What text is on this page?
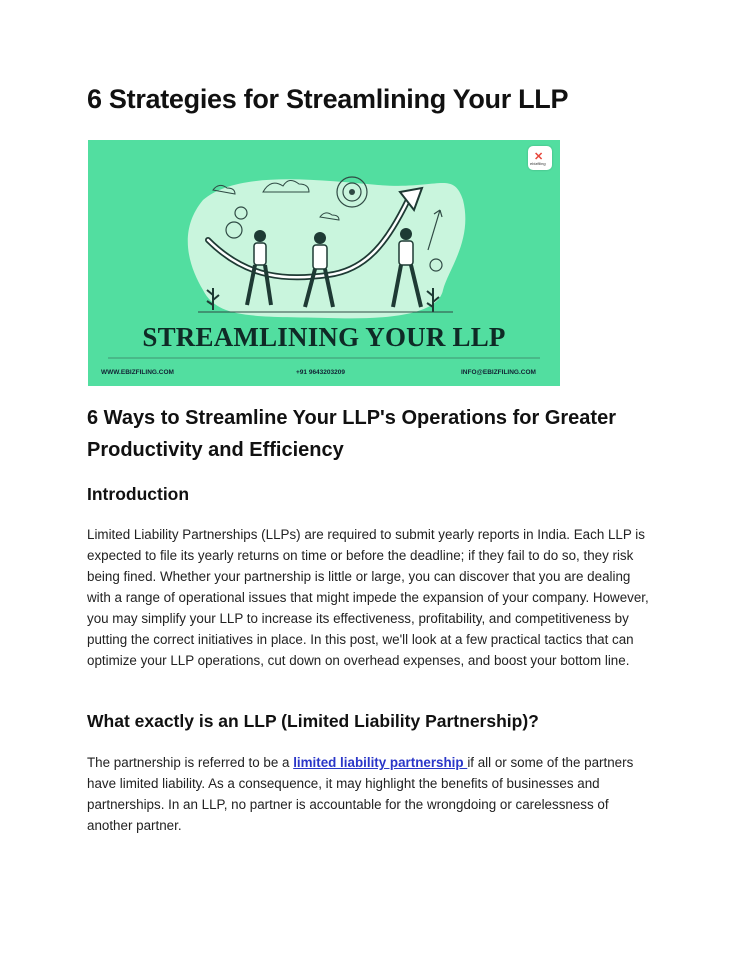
6 Strategies for Streamlining Your LLP
✕
ebizfiling
STREAMLINING YOUR LLP
WWW.EBIZFILING.COM	+91 9643203209	INFO@EBIZFILING.COM
6 Ways to Streamline Your LLP's Operations for Greater
Productivity and Efficiency
Introduction

Limited Liability Partnerships (LLPs) are required to submit yearly reports in India. Each LLP is expected to file its yearly returns on time or before the deadline; if they fail to do so, they risk being fined. Whether your partnership is little or large, you can discover that you are dealing with a range of operational issues that might impede the expansion of your company. However, you may simplify your LLP to increase its effectiveness, profitability, and competitiveness by putting the correct initiatives in place. In this post, we'll look at a few practical tactics that can optimize your LLP operations, cut down on overhead expenses, and boost your bottom line.

What exactly is an LLP (Limited Liability Partnership)?

The partnership is referred to be a limited liability partnership if all or some of the partners have limited liability. As a consequence, it may highlight the benefits of businesses and partnerships. In an LLP, no partner is accountable for the wrongdoing or carelessness of another partner.
